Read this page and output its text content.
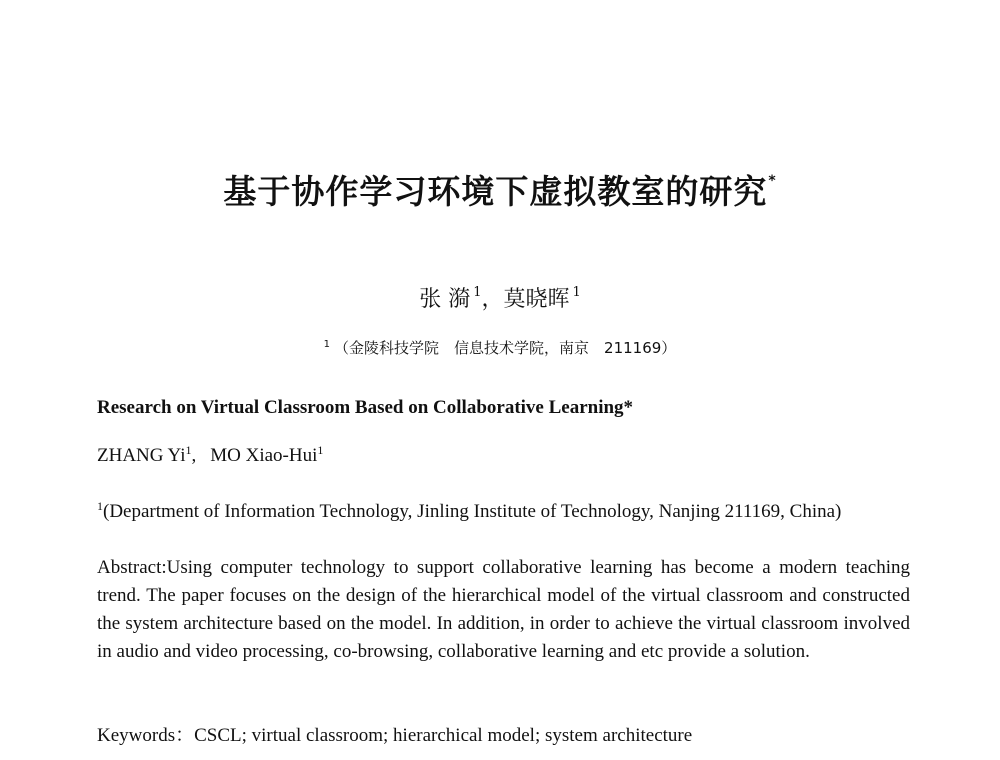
基于协作学习环境下虚拟教室的研究*
张 漪 $^1$，莫晓晖 $^1$
$^1$ （金陵科技学院　信息技术学院，南京　211169）
Research on Virtual Classroom Based on Collaborative Learning*
ZHANG Yi$^1$, MO Xiao-Hui$^1$
$^1$(Department of Information Technology, Jinling Institute of Technology, Nanjing 211169, China)
Abstract:Using computer technology to support collaborative learning has become a modern teaching trend. The paper focuses on the design of the hierarchical model of the virtual classroom and constructed the system architecture based on the model. In addition, in order to achieve the virtual classroom involved in audio and video processing, co-browsing, collaborative learning and etc provide a solution.
Keywords：CSCL; virtual classroom; hierarchical model; system architecture
